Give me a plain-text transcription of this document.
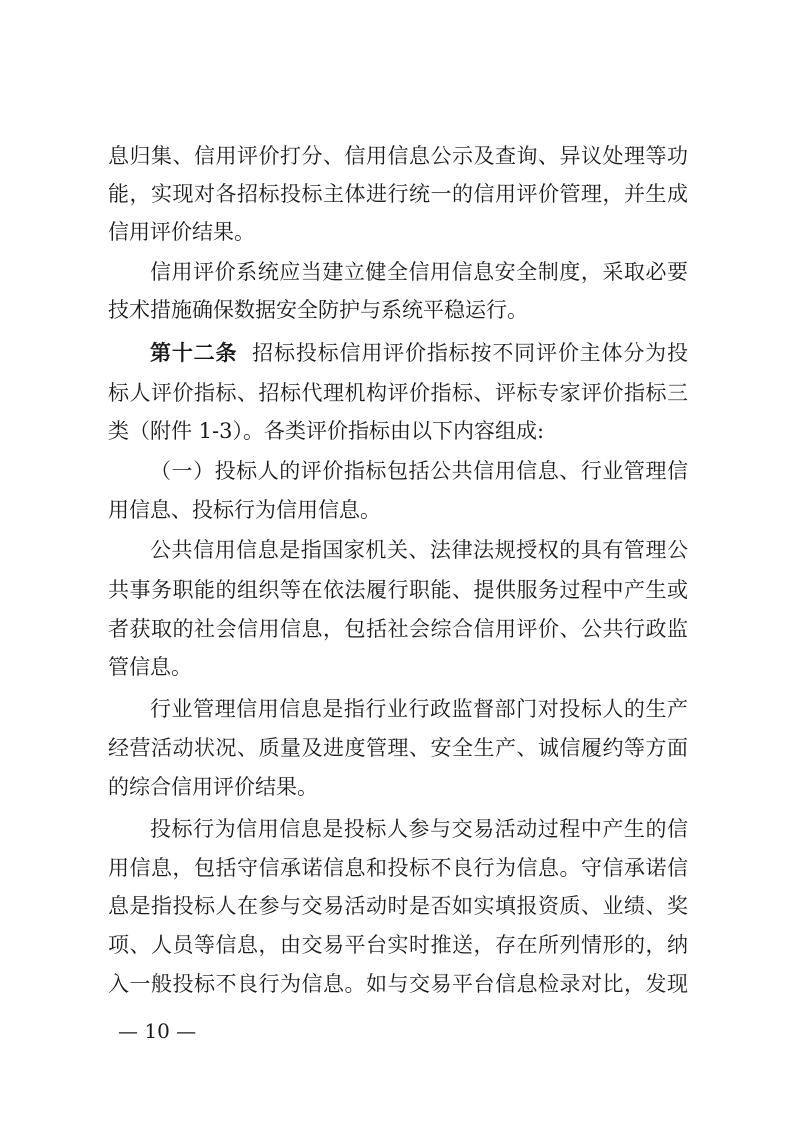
息归集、信用评价打分、信用信息公示及查询、异议处理等功
能，实现对各招标投标主体进行统一的信用评价管理，并生成
信用评价结果。
信用评价系统应当建立健全信用信息安全制度，采取必要
技术措施确保数据安全防护与系统平稳运行。
第十二条 招标投标信用评价指标按不同评价主体分为投
标人评价指标、招标代理机构评价指标、评标专家评价指标三
类（附件 1-3）。各类评价指标由以下内容组成:
（一）投标人的评价指标包括公共信用信息、行业管理信
用信息、投标行为信用信息。
公共信用信息是指国家机关、法律法规授权的具有管理公
共事务职能的组织等在依法履行职能、提供服务过程中产生或
者获取的社会信用信息，包括社会综合信用评价、公共行政监
管信息。
行业管理信用信息是指行业行政监督部门对投标人的生产
经营活动状况、质量及进度管理、安全生产、诚信履约等方面
的综合信用评价结果。
投标行为信用信息是投标人参与交易活动过程中产生的信
用信息，包括守信承诺信息和投标不良行为信息。守信承诺信
息是指投标人在参与交易活动时是否如实填报资质、业绩、奖
项、人员等信息，由交易平台实时推送，存在所列情形的，纳
入一般投标不良行为信息。如与交易平台信息检录对比，发现
— 10 —
